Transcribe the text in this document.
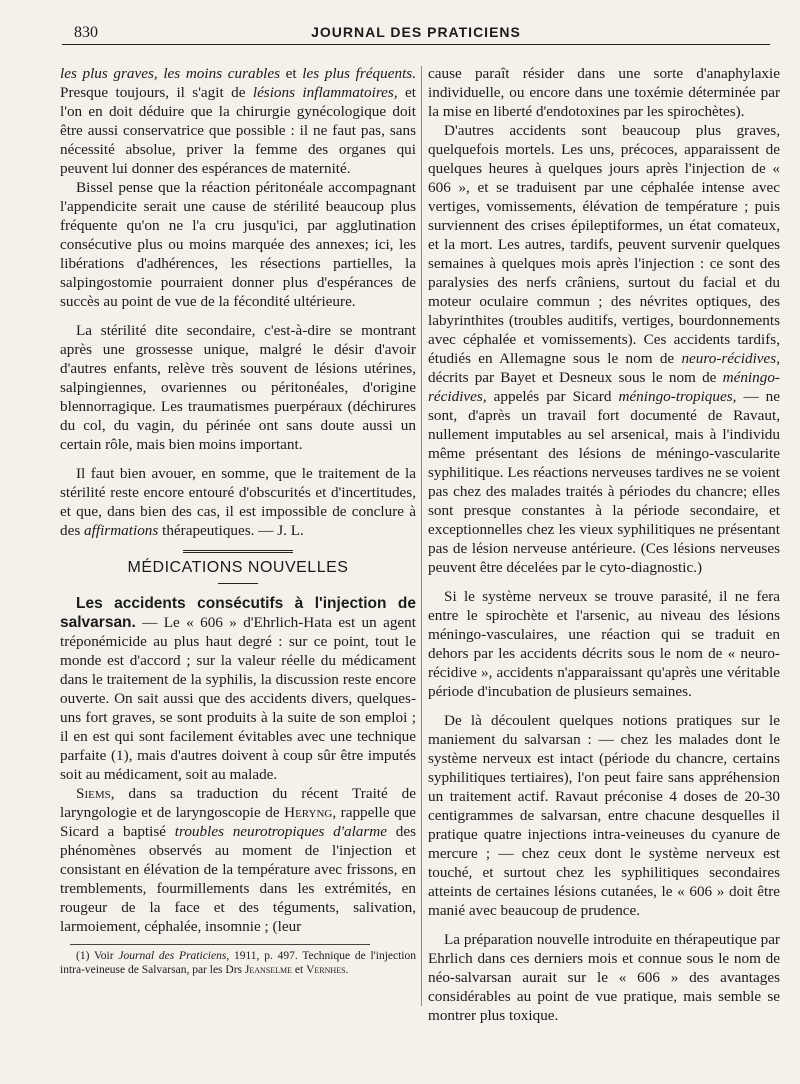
830	JOURNAL DES PRATICIENS

les plus graves, les moins curables et les plus fréquents. Presque toujours, il s'agit de lésions inflammatoires, et l'on en doit déduire que la chirurgie gynécologique doit être aussi conservatrice que possible : il ne faut pas, sans nécessité absolue, priver la femme des organes qui peuvent lui donner des espérances de maternité.

Bissel pense que la réaction péritonéale accompagnant l'appendicite serait une cause de stérilité beaucoup plus fréquente qu'on ne l'a cru jusqu'ici, par agglutination consécutive plus ou moins marquée des annexes; ici, les libérations d'adhérences, les résections partielles, la salpingostomie pourraient donner plus d'espérances de succès au point de vue de la fécondité ultérieure.

La stérilité dite secondaire, c'est-à-dire se montrant après une grossesse unique, malgré le désir d'avoir d'autres enfants, relève très souvent de lésions utérines, salpingiennes, ovariennes ou péritonéales, d'origine blennorragique. Les traumatismes puerpéraux (déchirures du col, du vagin, du périnée ont sans doute aussi un certain rôle, mais bien moins important.

Il faut bien avouer, en somme, que le traitement de la stérilité reste encore entouré d'obscurités et d'incertitudes, et que, dans bien des cas, il est impossible de conclure à des affirmations thérapeutiques. — J. L.

MÉDICATIONS NOUVELLES

Les accidents consécutifs à l'injection de salvarsan. — Le « 606 » d'Ehrlich-Hata est un agent tréponémicide au plus haut degré : sur ce point, tout le monde est d'accord ; sur la valeur réelle du médicament dans le traitement de la syphilis, la discussion reste encore ouverte. On sait aussi que des accidents divers, quelques-uns fort graves, se sont produits à la suite de son emploi ; il en est qui sont facilement évitables avec une technique parfaite (1), mais d'autres doivent à coup sûr être imputés soit au médicament, soit au malade.

Siems, dans sa traduction du récent Traité de laryngologie et de laryngoscopie de Heryng, rappelle que Sicard a baptisé troubles neurotropiques d'alarme des phénomènes observés au moment de l'injection et consistant en élévation de la température avec frissons, en tremblements, fourmillements dans les extrémités, en rougeur de la face et des téguments, salivation, larmoiement, céphalée, insomnie ; (leur

(1) Voir Journal des Praticiens, 1911, p. 497. Technique de l'injection intra-veineuse de Salvarsan, par les Drs Jeanselme et Vernhes.

cause paraît résider dans une sorte d'anaphylaxie individuelle, ou encore dans une toxémie déterminée par la mise en liberté d'endotoxines par les spirochètes).

D'autres accidents sont beaucoup plus graves, quelquefois mortels. Les uns, précoces, apparaissent de quelques heures à quelques jours après l'injection de « 606 », et se traduisent par une céphalée intense avec vertiges, vomissements, élévation de température ; puis surviennent des crises épileptiformes, un état comateux, et la mort. Les autres, tardifs, peuvent survenir quelques semaines à quelques mois après l'injection : ce sont des paralysies des nerfs crâniens, surtout du facial et du moteur oculaire commun ; des névrites optiques, des labyrinthites (troubles auditifs, vertiges, bourdonnements avec céphalée et vomissements). Ces accidents tardifs, étudiés en Allemagne sous le nom de neuro-récidives, décrits par Bayet et Desneux sous le nom de méningo-récidives, appelés par Sicard méningo-tropiques, — ne sont, d'après un travail fort documenté de Ravaut, nullement imputables au sel arsenical, mais à l'individu même présentant des lésions de méningo-vascularite syphilitique. Les réactions nerveuses tardives ne se voient pas chez des malades traités à périodes du chancre; elles sont presque constantes à la période secondaire, et exceptionnelles chez les vieux syphilitiques ne présentant pas de lésion nerveuse antérieure. (Ces lésions nerveuses peuvent être décelées par le cyto-diagnostic.)

Si le système nerveux se trouve parasité, il ne fera entre le spirochète et l'arsenic, au niveau des lésions méningo-vasculaires, une réaction qui se traduit en dehors par les accidents décrits sous le nom de « neuro-récidive », accidents n'apparaissant qu'après une véritable période d'incubation de plusieurs semaines.

De là découlent quelques notions pratiques sur le maniement du salvarsan : — chez les malades dont le système nerveux est intact (période du chancre, certains syphilitiques tertiaires), l'on peut faire sans appréhension un traitement actif. Ravaut préconise 4 doses de 20-30 centigrammes de salvarsan, entre chacune desquelles il pratique quatre injections intra-veineuses du cyanure de mercure ; — chez ceux dont le système nerveux est touché, et surtout chez les syphilitiques secondaires atteints de certaines lésions cutanées, le « 606 » doit être manié avec beaucoup de prudence.

La préparation nouvelle introduite en thérapeutique par Ehrlich dans ces derniers mois et connue sous le nom de néo-salvarsan aurait sur le « 606 » des avantages considérables au point de vue pratique, mais semble se montrer plus toxique.
